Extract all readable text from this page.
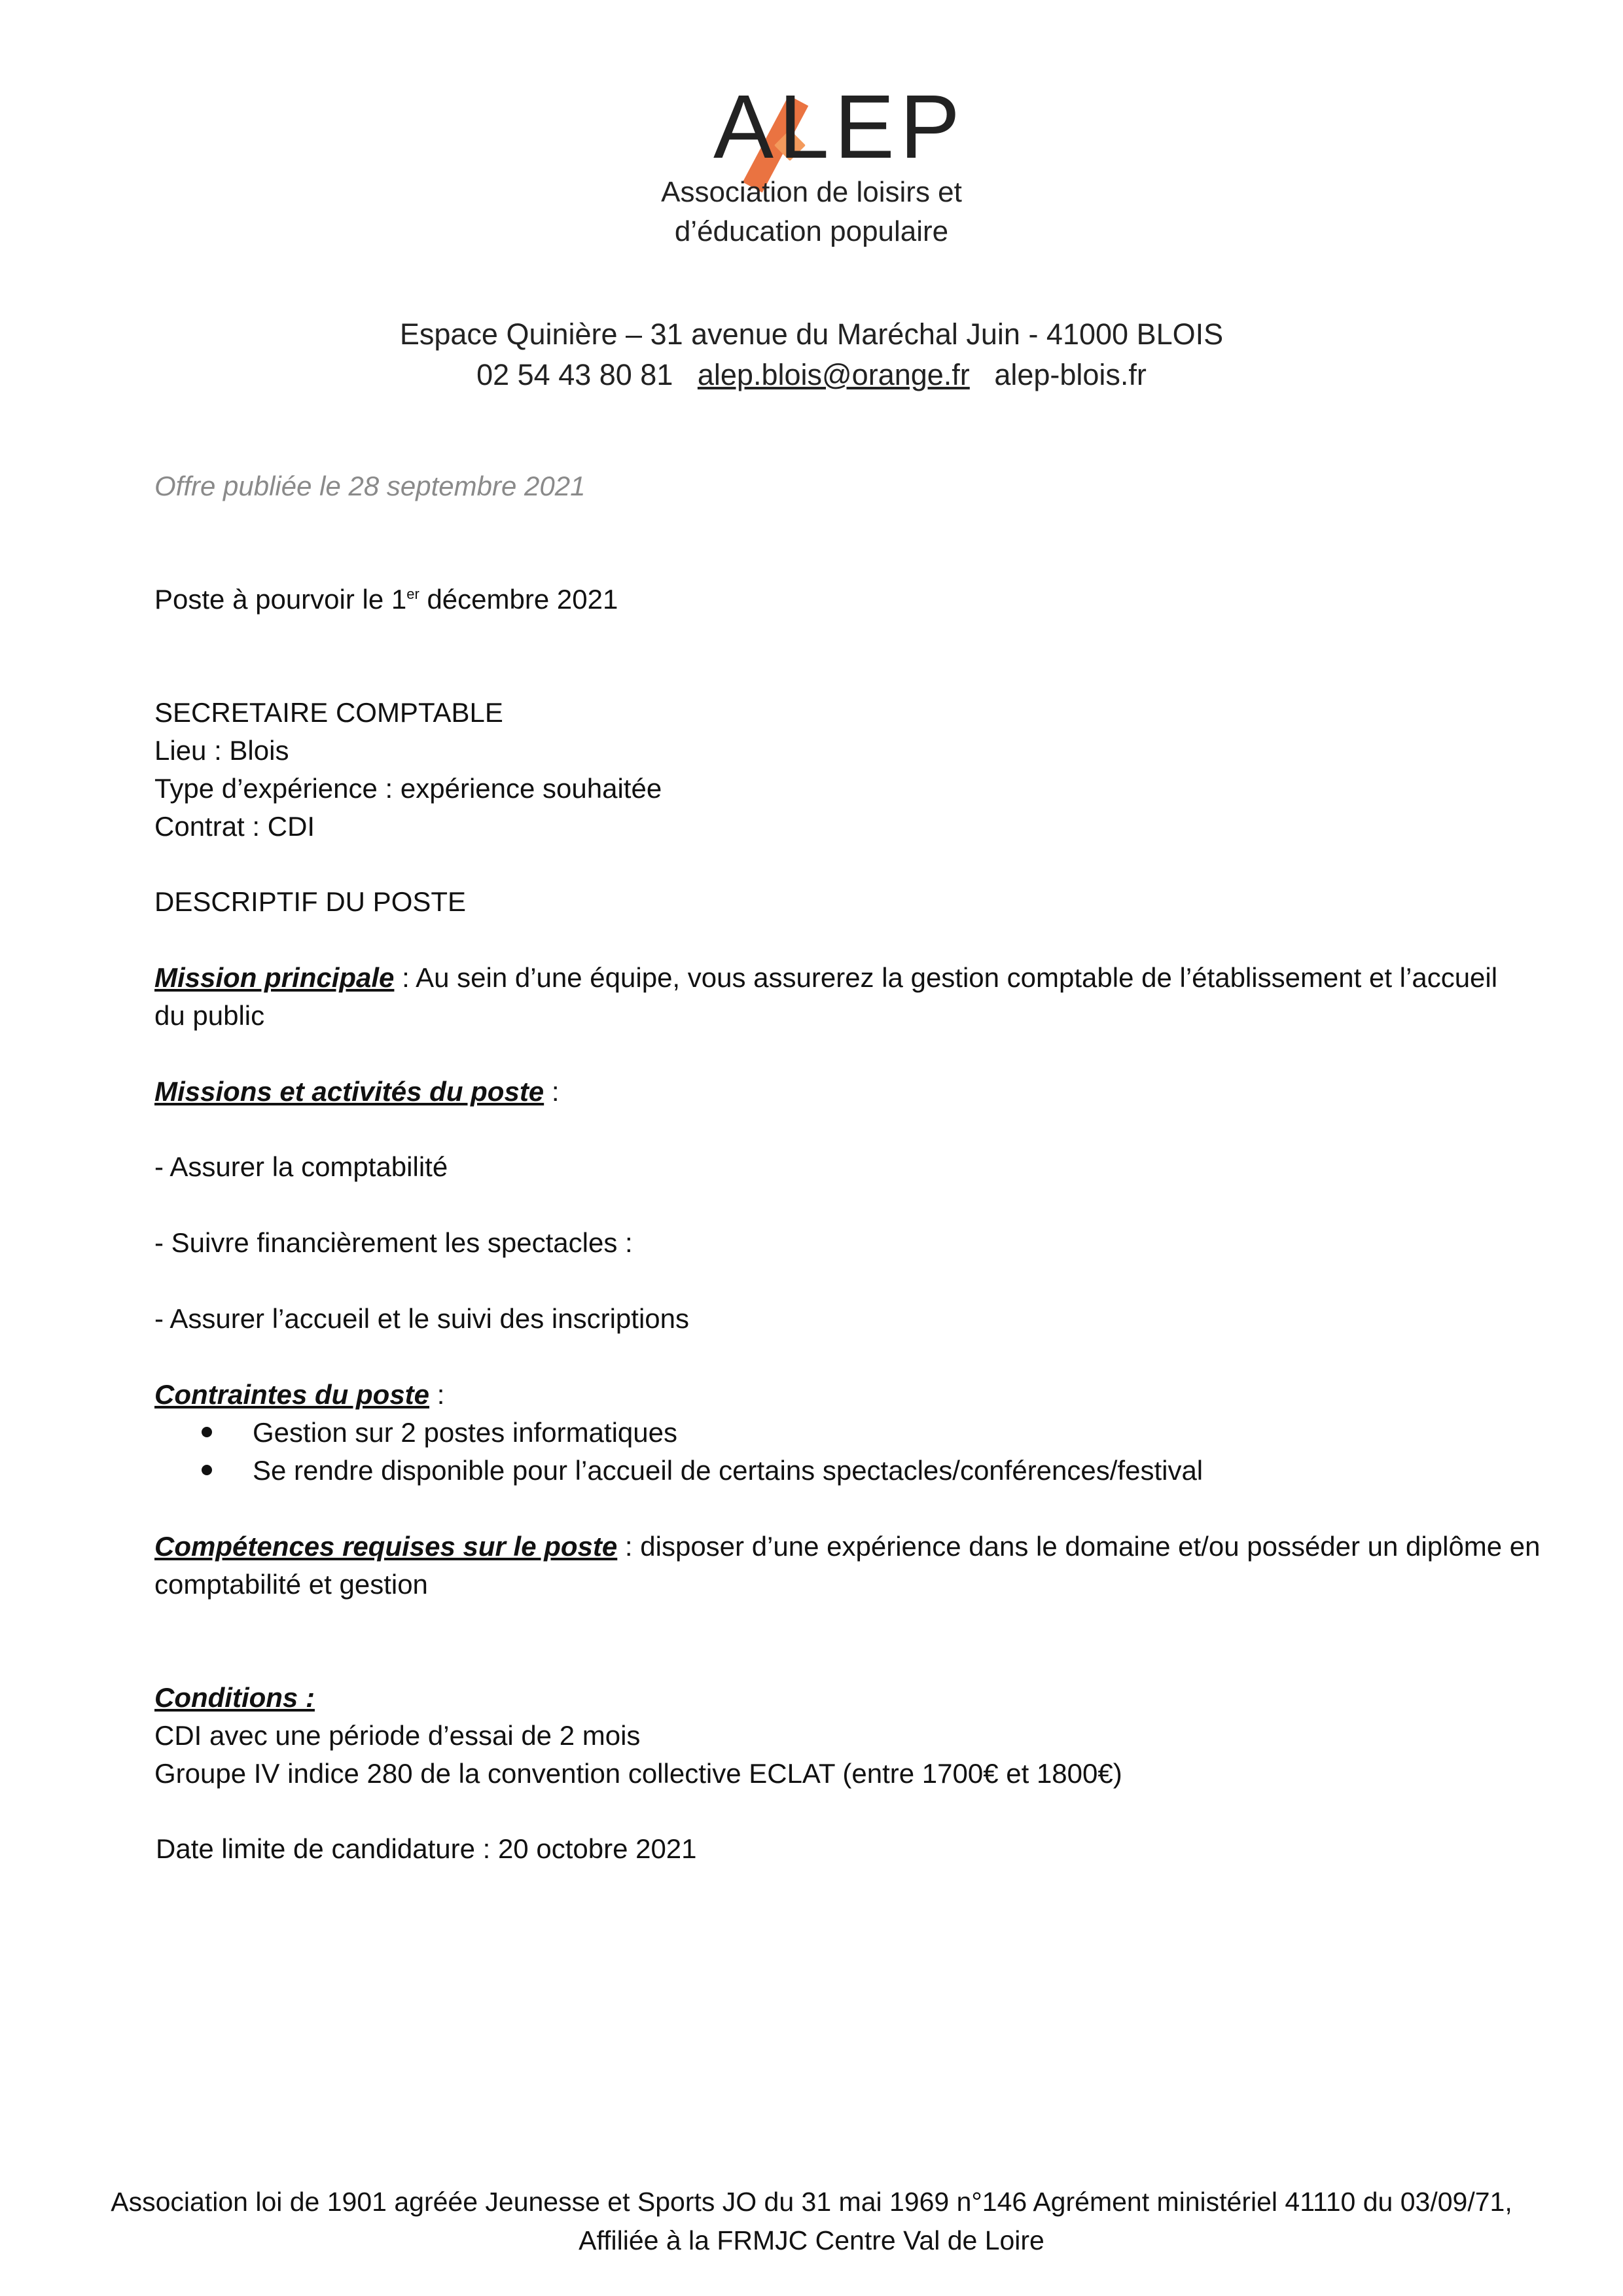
ALEP
Association de loisirs et
d’éducation populaire
Espace Quinière – 31 avenue du Maréchal Juin - 41000 BLOIS
02 54 43 80 81 alep.blois@orange.fr alep-blois.fr
Offre publiée le 28 septembre 2021
Poste à pourvoir le 1er décembre 2021
SECRETAIRE COMPTABLE
Lieu : Blois
Type d’expérience : expérience souhaitée
Contrat : CDI
DESCRIPTIF DU POSTE
Mission principale : Au sein d’une équipe, vous assurerez la gestion comptable de l’établissement et l’accueil
du public
Missions et activités du poste :
- Assurer la comptabilité
- Suivre financièrement les spectacles :
- Assurer l’accueil et le suivi des inscriptions
Contraintes du poste :
Gestion sur 2 postes informatiques
Se rendre disponible pour l’accueil de certains spectacles/conférences/festival
Compétences requises sur le poste : disposer d’une expérience dans le domaine et/ou posséder un diplôme en
comptabilité et gestion
Conditions :
CDI avec une période d’essai de 2 mois
Groupe IV indice 280 de la convention collective ECLAT (entre 1700€ et 1800€)
Date limite de candidature : 20 octobre 2021
Association loi de 1901 agréée Jeunesse et Sports JO du 31 mai 1969 n°146 Agrément ministériel 41110 du 03/09/71,
Affiliée à la FRMJC Centre Val de Loire
